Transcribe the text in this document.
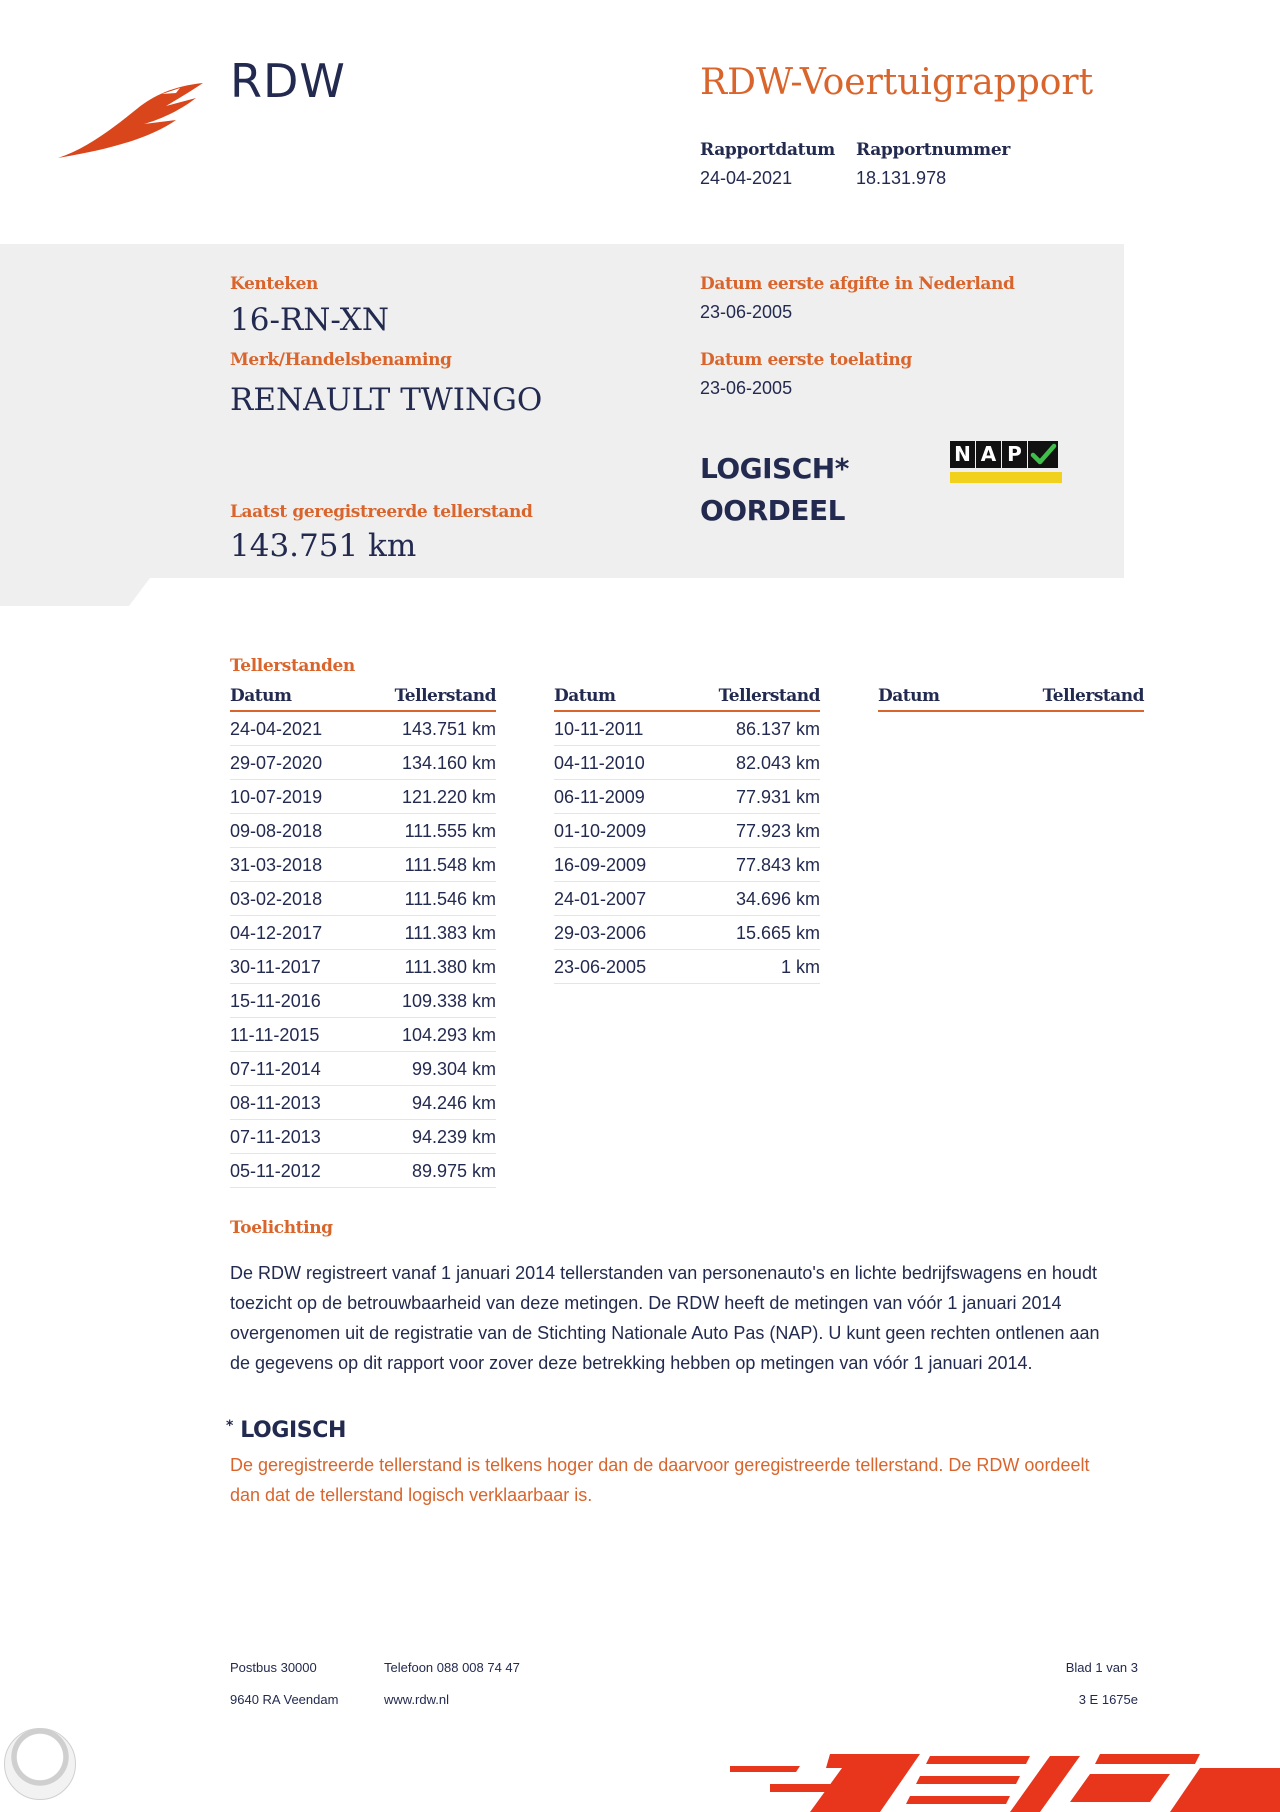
RDW	RDW-Voertuigrapport
Rapportdatum
24-04-2021
Rapportnummer
18.131.978
Kenteken
16-RN-XN
Merk/Handelsbenaming
RENAULT TWINGO
Datum eerste afgifte in Nederland
23-06-2005
Datum eerste toelating
23-06-2005
LOGISCH*
OORDEEL
N A P
Laatst geregistreerde tellerstand
143.751 km
Tellerstanden
Datum	Tellerstand
24-04-2021	143.751 km
29-07-2020	134.160 km
10-07-2019	121.220 km
09-08-2018	111.555 km
31-03-2018	111.548 km
03-02-2018	111.546 km
04-12-2017	111.383 km
30-11-2017	111.380 km
15-11-2016	109.338 km
11-11-2015	104.293 km
07-11-2014	99.304 km
08-11-2013	94.246 km
07-11-2013	94.239 km
05-11-2012	89.975 km
Datum	Tellerstand
10-11-2011	86.137 km
04-11-2010	82.043 km
06-11-2009	77.931 km
01-10-2009	77.923 km
16-09-2009	77.843 km
24-01-2007	34.696 km
29-03-2006	15.665 km
23-06-2005	1 km
Datum	Tellerstand
Toelichting
De RDW registreert vanaf 1 januari 2014 tellerstanden van personenauto's en lichte bedrijfswagens en houdt toezicht op de betrouwbaarheid van deze metingen. De RDW heeft de metingen van vóór 1 januari 2014 overgenomen uit de registratie van de Stichting Nationale Auto Pas (NAP). U kunt geen rechten ontlenen aan de gegevens op dit rapport voor zover deze betrekking hebben op metingen van vóór 1 januari 2014.
* LOGISCH
De geregistreerde tellerstand is telkens hoger dan de daarvoor geregistreerde tellerstand. De RDW oordeelt dan dat de tellerstand logisch verklaarbaar is.
Postbus 30000
9640 RA Veendam
Telefoon 088 008 74 47
www.rdw.nl
Blad 1 van 3
3 E 1675e
